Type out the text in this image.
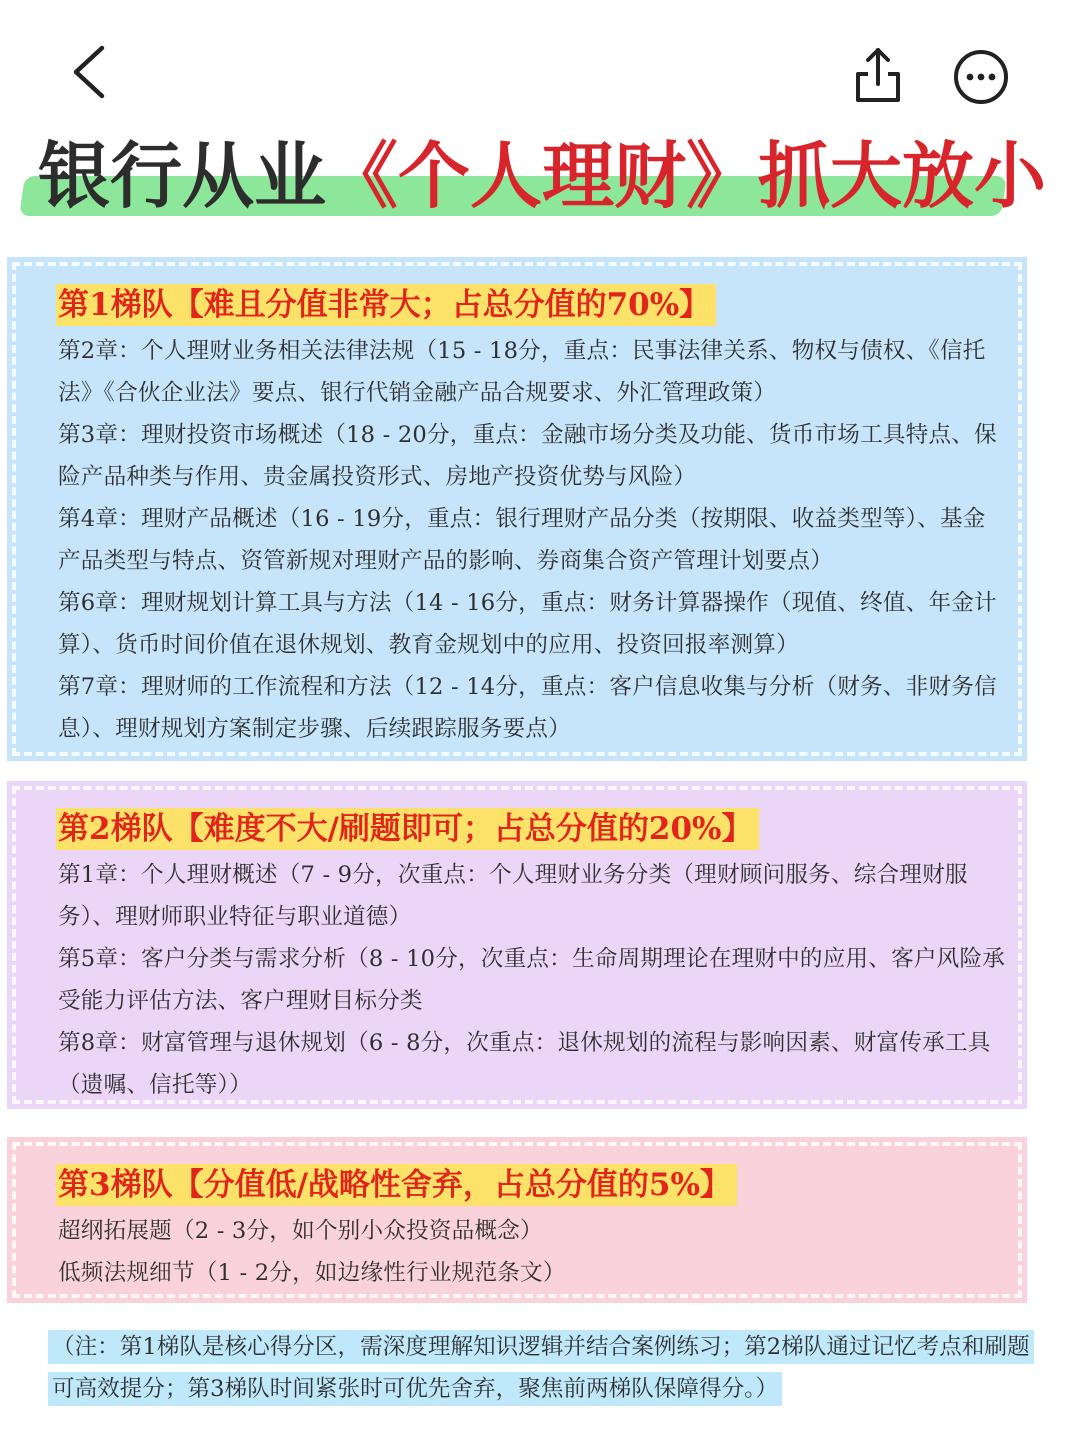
银行从业《个人理财》抓大放小
第1梯队【难且分值非常大；占总分值的70%】

第2章：个人理财业务相关法律法规（15 - 18分，重点：民事法律关系、物权与债权、《信托法》《合伙企业法》要点、银行代销金融产品合规要求、外汇管理政策）

第3章：理财投资市场概述（18 - 20分，重点：金融市场分类及功能、货币市场工具特点、保险产品种类与作用、贵金属投资形式、房地产投资优势与风险）

第4章：理财产品概述（16 - 19分，重点：银行理财产品分类（按期限、收益类型等）、基金产品类型与特点、资管新规对理财产品的影响、券商集合资产管理计划要点）

第6章：理财规划计算工具与方法（14 - 16分，重点：财务计算器操作（现值、终值、年金计算）、货币时间价值在退休规划、教育金规划中的应用、投资回报率测算）

第7章：理财师的工作流程和方法（12 - 14分，重点：客户信息收集与分析（财务、非财务信息）、理财规划方案制定步骤、后续跟踪服务要点）

第2梯队【难度不大/刷题即可；占总分值的20%】

第1章：个人理财概述（7 - 9分，次重点：个人理财业务分类（理财顾问服务、综合理财服务）、理财师职业特征与职业道德）

第5章：客户分类与需求分析（8 - 10分，次重点：生命周期理论在理财中的应用、客户风险承受能力评估方法、客户理财目标分类

第8章：财富管理与退休规划（6 - 8分，次重点：退休规划的流程与影响因素、财富传承工具（遗嘱、信托等））

第3梯队【分值低/战略性舍弃，占总分值的5%】

超纲拓展题（2 - 3分，如个别小众投资品概念）

低频法规细节（1 - 2分，如边缘性行业规范条文）

（注：第1梯队是核心得分区，需深度理解知识逻辑并结合案例练习；第2梯队通过记忆考点和刷题可高效提分；第3梯队时间紧张时可优先舍弃，聚焦前两梯队保障得分。）
